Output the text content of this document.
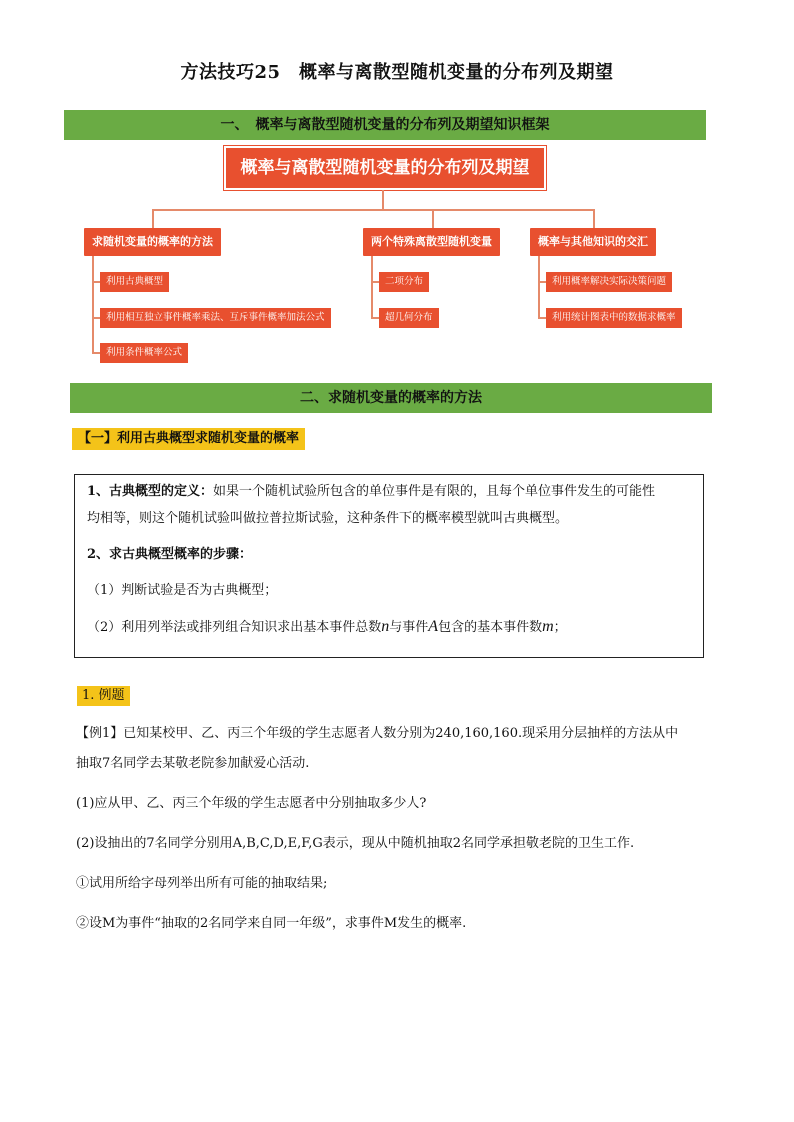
方法技巧25　概率与离散型随机变量的分布列及期望
一、　概率与离散型随机变量的分布列及期望知识框架
概率与离散型随机变量的分布列及期望
求随机变量的概率的方法
利用古典概型
利用相互独立事件概率乘法、互斥事件概率加法公式
利用条件概率公式
两个特殊离散型随机变量
二项分布
超几何分布
概率与其他知识的交汇
利用概率解决实际决策问题
利用统计图表中的数据求概率
二、求随机变量的概率的方法
【一】利用古典概型求随机变量的概率

1、古典概型的定义：如果一个随机试验所包含的单位事件是有限的，且每个单位事件发生的可能性

均相等，则这个随机试验叫做拉普拉斯试验，这种条件下的概率模型就叫古典概型。

2、求古典概型概率的步骤：

（1）判断试验是否为古典概型；

（2）利用列举法或排列组合知识求出基本事件总数n与事件A包含的基本事件数m；

1. 例题
【例1】已知某校甲、乙、丙三个年级的学生志愿者人数分别为240,160,160.现采用分层抽样的方法从中
抽取7名同学去某敬老院参加献爱心活动.
(1)应从甲、乙、丙三个年级的学生志愿者中分别抽取多少人?
(2)设抽出的7名同学分别用A,B,C,D,E,F,G表示，现从中随机抽取2名同学承担敬老院的卫生工作.
①试用所给字母列举出所有可能的抽取结果;
②设M为事件“抽取的2名同学来自同一年级”，求事件M发生的概率.
